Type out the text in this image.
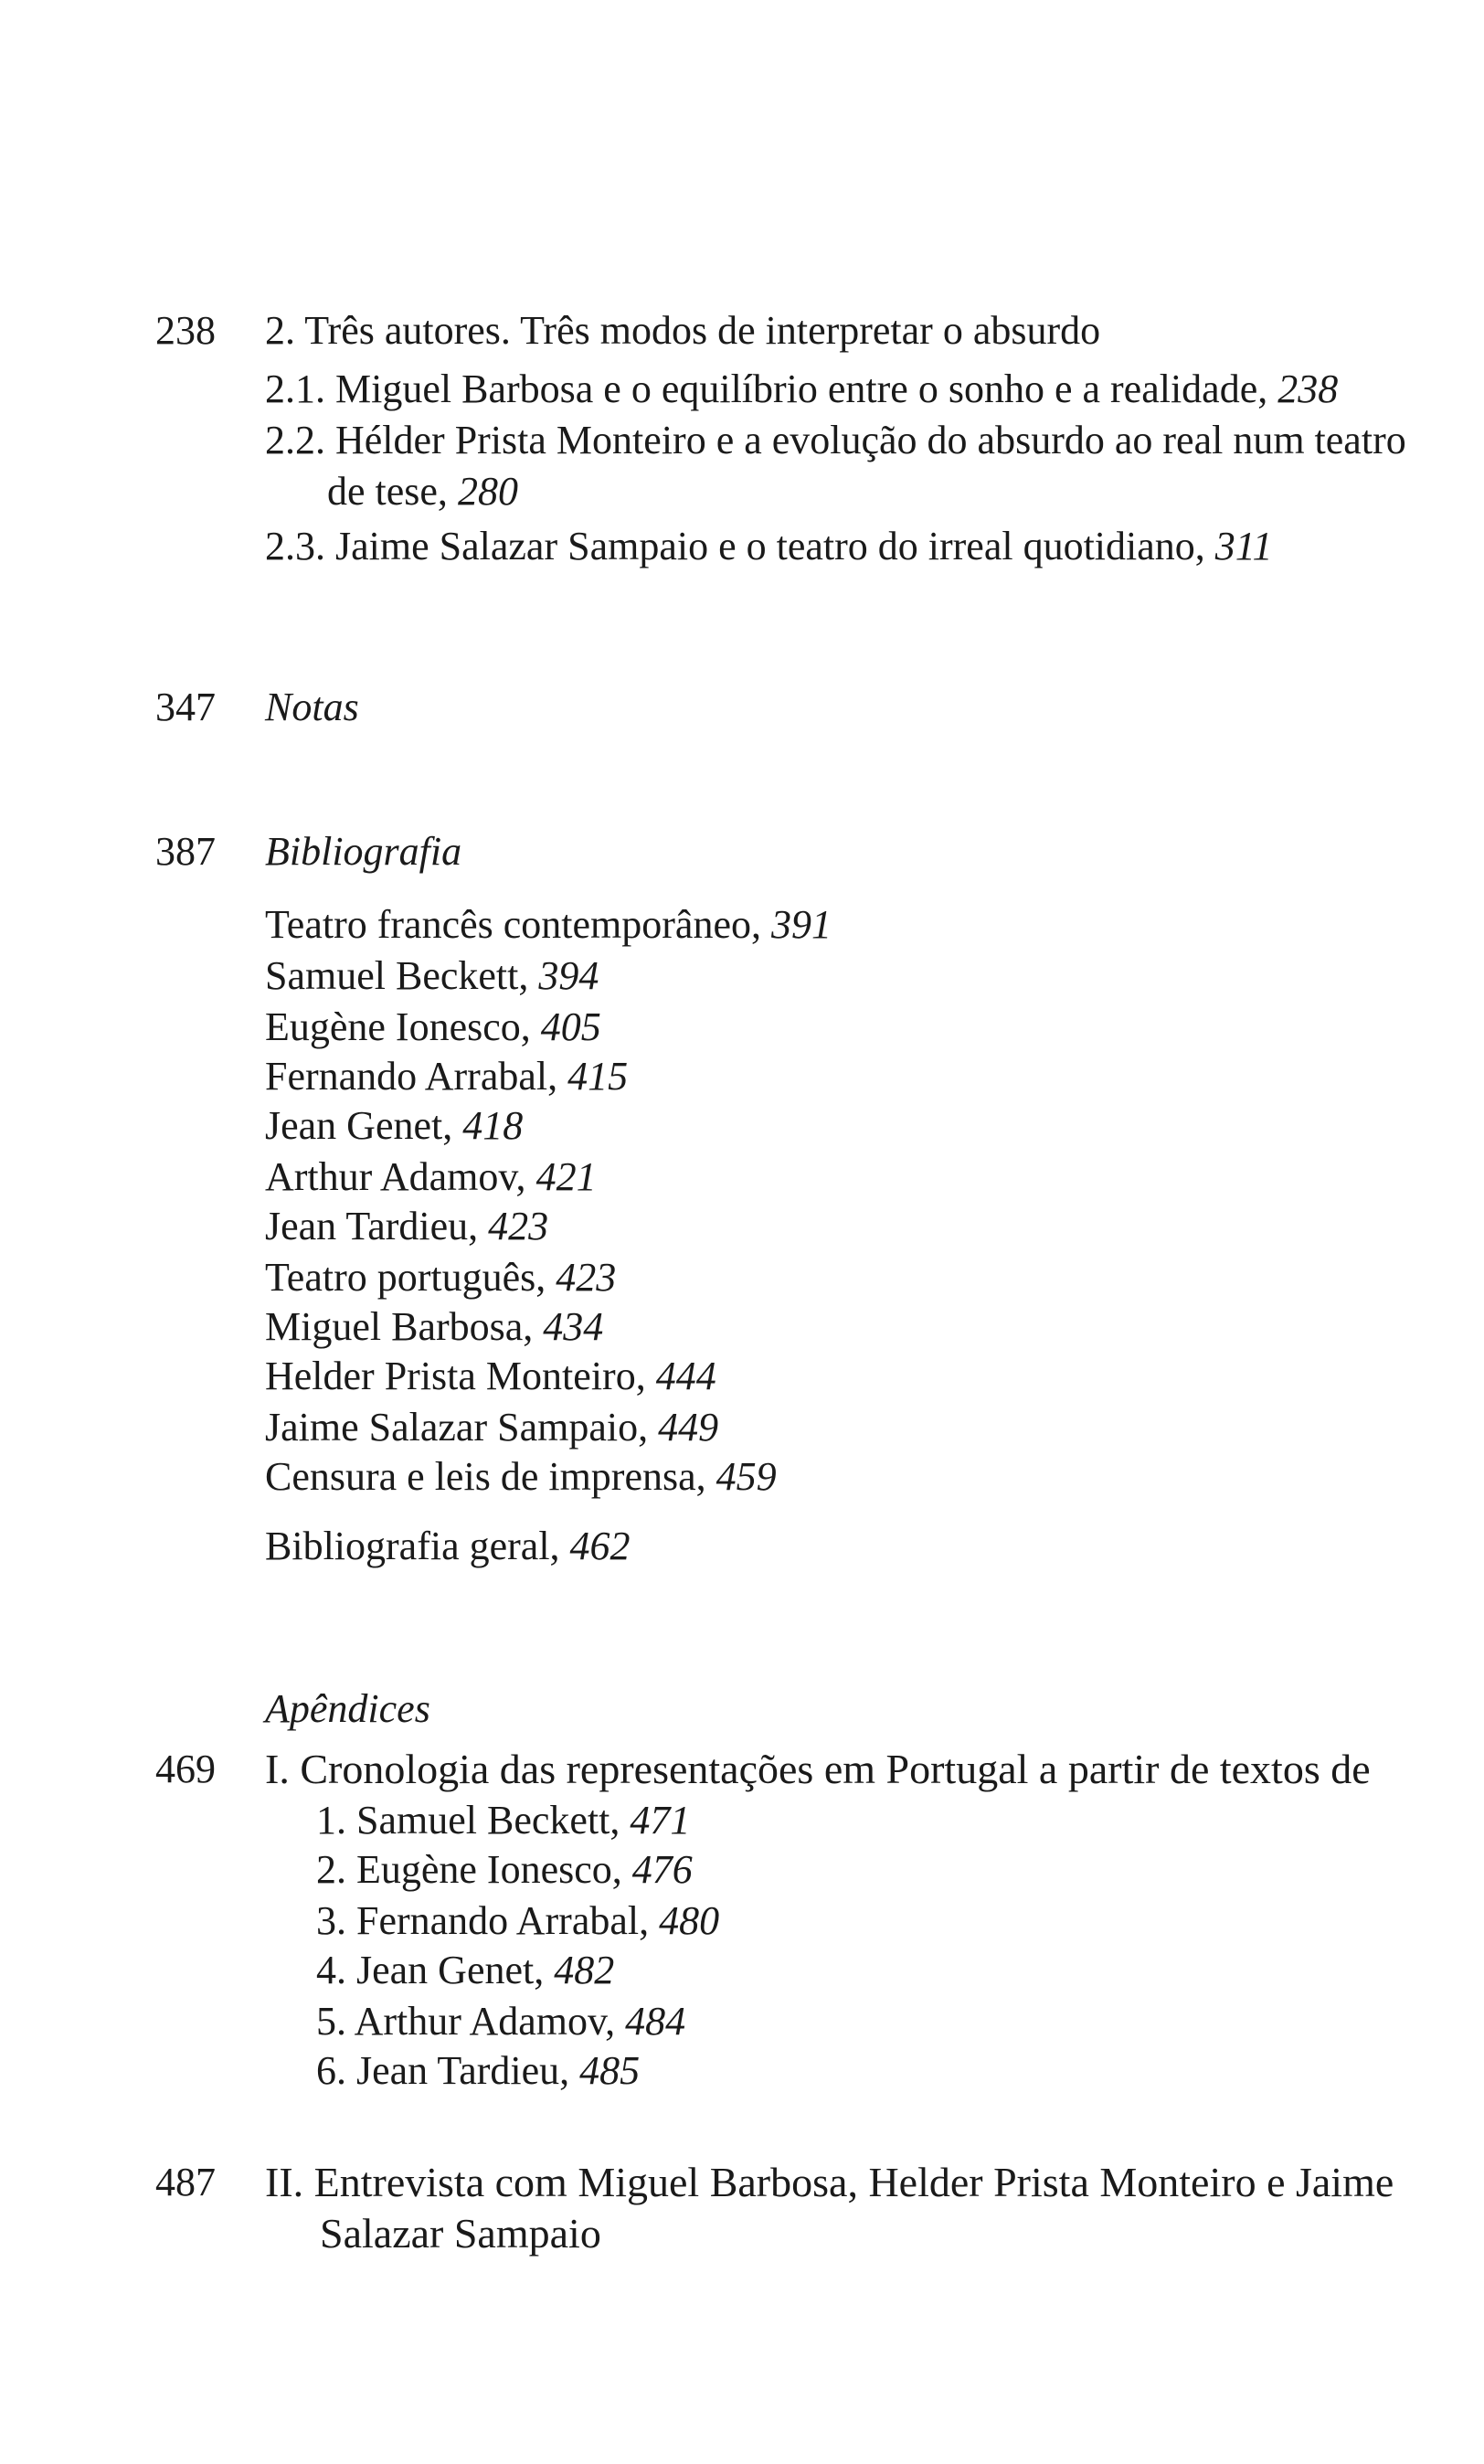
238 2. Três autores. Três modos de interpretar o absurdo
2.1. Miguel Barbosa e o equilíbrio entre o sonho e a realidade, 238
2.2. Hélder Prista Monteiro e a evolução do absurdo ao real num teatro
de tese, 280
2.3. Jaime Salazar Sampaio e o teatro do irreal quotidiano, 311
347 Notas
387 Bibliografia
Teatro francês contemporâneo, 391
Samuel Beckett, 394
Eugène Ionesco, 405
Fernando Arrabal, 415
Jean Genet, 418
Arthur Adamov, 421
Jean Tardieu, 423
Teatro português, 423
Miguel Barbosa, 434
Helder Prista Monteiro, 444
Jaime Salazar Sampaio, 449
Censura e leis de imprensa, 459
Bibliografia geral, 462
Apêndices
469 I. Cronologia das representações em Portugal a partir de textos de
1. Samuel Beckett, 471
2. Eugène Ionesco, 476
3. Fernando Arrabal, 480
4. Jean Genet, 482
5. Arthur Adamov, 484
6. Jean Tardieu, 485
487 II. Entrevista com Miguel Barbosa, Helder Prista Monteiro e Jaime
Salazar Sampaio
